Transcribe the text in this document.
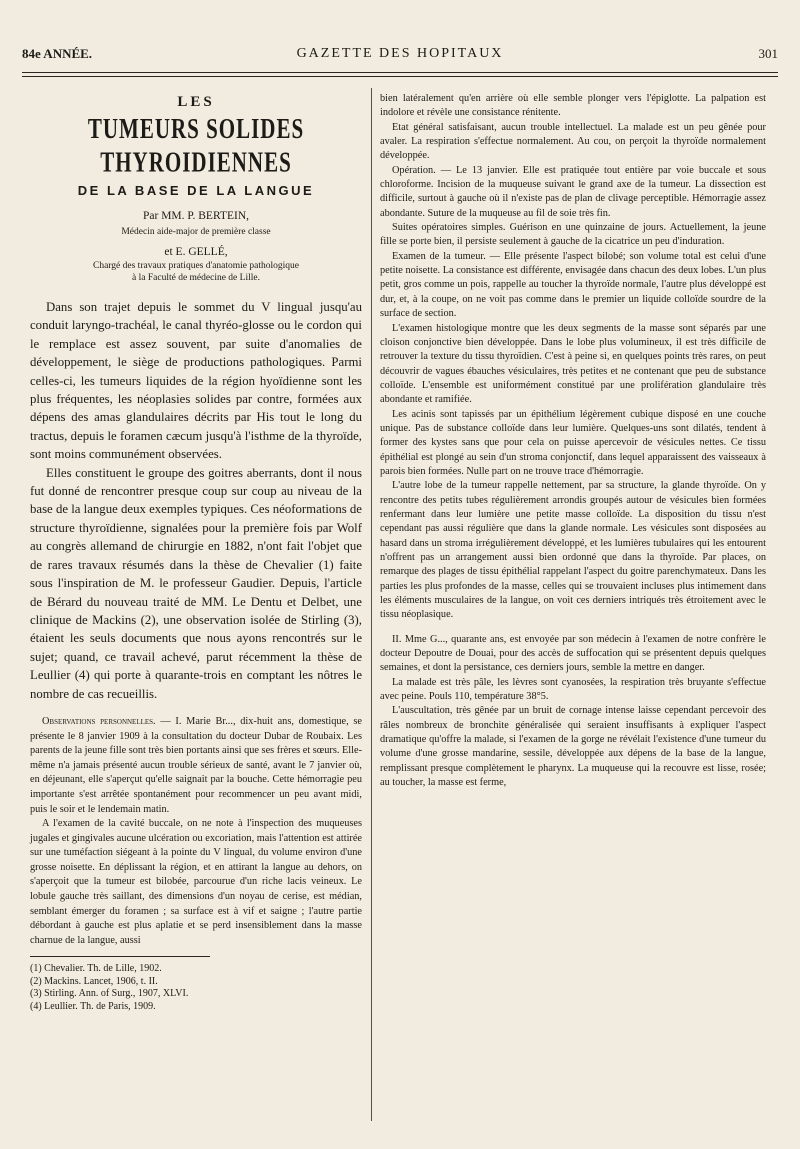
84e ANNÉE.	GAZETTE DES HOPITAUX	301
LES
TUMEURS SOLIDES THYROIDIENNES
DE LA BASE DE LA LANGUE
Par MM. P. BERTEIN,
Médecin aide-major de première classe
et E. GELLÉ,
Chargé des travaux pratiques d'anatomie pathologique
à la Faculté de médecine de Lille.

Dans son trajet depuis le sommet du V lingual jusqu'au conduit laryngo-trachéal, le canal thyréo-glosse ou le cordon qui le remplace est assez souvent, par suite d'anomalies de développement, le siège de productions pathologiques. Parmi celles-ci, les tumeurs liquides de la région hyoïdienne sont les plus fréquentes, les néoplasies solides par contre, formées aux dépens des amas glandulaires décrits par His tout le long du tractus, depuis le foramen cæcum jusqu'à l'isthme de la thyroïde, sont moins communément observées.

Elles constituent le groupe des goitres aberrants, dont il nous fut donné de rencontrer presque coup sur coup au niveau de la base de la langue deux exemples typiques. Ces néoformations de structure thyroïdienne, signalées pour la première fois par Wolf au congrès allemand de chirurgie en 1882, n'ont fait l'objet que de rares travaux résumés dans la thèse de Chevalier (1) faite sous l'inspiration de M. le professeur Gaudier. Depuis, l'article de Bérard du nouveau traité de MM. Le Dentu et Delbet, une clinique de Mackins (2), une observation isolée de Stirling (3), étaient les seuls documents que nous ayons rencontrés sur le sujet; quand, ce travail achevé, parut récemment la thèse de Leullier (4) qui porte à quarante-trois en comptant les nôtres le nombre de cas recueillis.

Observations personnelles. — I. Marie Br..., dix-huit ans, domestique, se présente le 8 janvier 1909 à la consultation du docteur Dubar de Roubaix. Les parents de la jeune fille sont très bien portants ainsi que ses frères et sœurs. Elle-même n'a jamais présenté aucun trouble sérieux de santé, avant le 7 janvier où, en déjeunant, elle s'aperçut qu'elle saignait par la bouche. Cette hémorragie peu importante s'est arrêtée spontanément pour recommencer un peu avant midi, puis le soir et le lendemain matin.

A l'examen de la cavité buccale, on ne note à l'inspection des muqueuses jugales et gingivales aucune ulcération ou excoriation, mais l'attention est attirée sur une tuméfaction siégeant à la pointe du V lingual, du volume environ d'une grosse noisette. En déplissant la région, et en attirant la langue au dehors, on s'aperçoit que la tumeur est bilobée, parcourue d'un riche lacis veineux. Le lobule gauche très saillant, des dimensions d'un noyau de cerise, est médian, semblant émerger du foramen ; sa surface est à vif et saigne ; l'autre partie débordant à gauche est plus aplatie et se perd insensiblement dans la masse charnue de la langue, aussi

(1) Chevalier. Th. de Lille, 1902.
(2) Mackins. Lancet, 1906, t. II.
(3) Stirling. Ann. of Surg., 1907, XLVI.
(4) Leullier. Th. de Paris, 1909.

bien latéralement qu'en arrière où elle semble plonger vers l'épiglotte. La palpation est indolore et révèle une consistance rénitente.

Etat général satisfaisant, aucun trouble intellectuel. La malade est un peu gênée pour avaler. La respiration s'effectue normalement. Au cou, on perçoit la thyroïde normalement développée.

Opération. — Le 13 janvier. Elle est pratiquée tout entière par voie buccale et sous chloroforme. Incision de la muqueuse suivant le grand axe de la tumeur. La dissection est difficile, surtout à gauche où il n'existe pas de plan de clivage perceptible. Hémorragie assez abondante. Suture de la muqueuse au fil de soie très fin.

Suites opératoires simples. Guérison en une quinzaine de jours. Actuellement, la jeune fille se porte bien, il persiste seulement à gauche de la cicatrice un peu d'induration.

Examen de la tumeur. — Elle présente l'aspect bilobé; son volume total est celui d'une petite noisette. La consistance est différente, envisagée dans chacun des deux lobes. L'un plus petit, gros comme un pois, rappelle au toucher la thyroïde normale, l'autre plus développé est dur, et, à la coupe, on ne voit pas comme dans le premier un liquide colloïde sourdre de la surface de section.

L'examen histologique montre que les deux segments de la masse sont séparés par une cloison conjonctive bien développée. Dans le lobe plus volumineux, il est très difficile de retrouver la texture du tissu thyroïdien. C'est à peine si, en quelques points très rares, on peut découvrir de vagues ébauches vésiculaires, très petites et ne contenant que peu de substance colloïde. L'ensemble est uniformément constitué par une prolifération glandulaire très abondante et ramifiée.

Les acinis sont tapissés par un épithélium légèrement cubique disposé en une couche unique. Pas de substance colloïde dans leur lumière. Quelques-uns sont dilatés, tendent à former des kystes sans que pour cela on puisse apercevoir de vésicules nettes. Ce tissu épithélial est plongé au sein d'un stroma conjonctif, dans lequel apparaissent des vaisseaux à parois bien formées. Nulle part on ne trouve trace d'hémorragie.

L'autre lobe de la tumeur rappelle nettement, par sa structure, la glande thyroïde. On y rencontre des petits tubes régulièrement arrondis groupés autour de vésicules bien formées renfermant dans leur lumière une petite masse colloïde. La disposition du tissu n'est cependant pas aussi régulière que dans la glande normale. Les vésicules sont disposées au hasard dans un stroma irrégulièrement développé, et les lumières tubulaires qui les entourent n'offrent pas un arrangement aussi bien ordonné que dans la thyroïde. Par places, on remarque des plages de tissu épithélial rappelant l'aspect du goitre parenchymateux. Dans les parties les plus profondes de la masse, celles qui se trouvaient incluses plus intimement dans les éléments musculaires de la langue, on voit ces derniers intriqués très étroitement avec le tissu néoplasique.

II. Mme G..., quarante ans, est envoyée par son médecin à l'examen de notre confrère le docteur Depoutre de Douai, pour des accès de suffocation qui se présentent depuis quelques semaines, et dont la persistance, ces derniers jours, semble la mettre en danger.

La malade est très pâle, les lèvres sont cyanosées, la respiration très bruyante s'effectue avec peine. Pouls 110, température 38°5.

L'auscultation, très gênée par un bruit de cornage intense laisse cependant percevoir des râles nombreux de bronchite généralisée qui seraient insuffisants à expliquer l'aspect dramatique qu'offre la malade, si l'examen de la gorge ne révélait l'existence d'une tumeur du volume d'une grosse mandarine, sessile, développée aux dépens de la base de la langue, remplissant presque complètement le pharynx. La muqueuse qui la recouvre est lisse, rosée; au toucher, la masse est ferme,
